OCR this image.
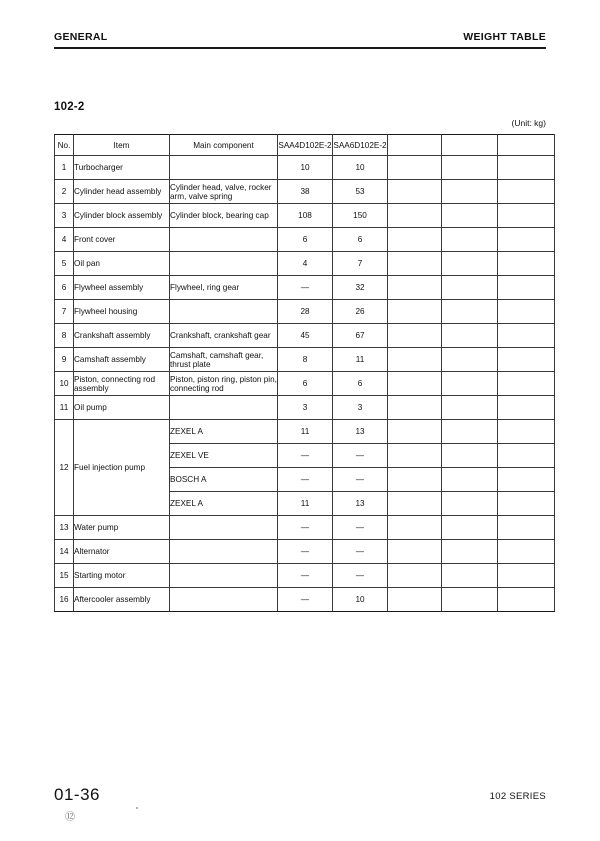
GENERAL	WEIGHT TABLE
102-2
(Unit: kg)
No.	Item	Main component	SAA4D102E-2	SAA6D102E-2			
1	Turbocharger		10	10			
2	Cylinder head assembly	Cylinder head, valve, rocker arm, valve spring	38	53			
3	Cylinder block assembly	Cylinder block, bearing cap	108	150			
4	Front cover		6	6			
5	Oil pan		4	7			
6	Flywheel assembly	Flywheel, ring gear	—	32			
7	Flywheel housing		28	26			
8	Crankshaft assembly	Crankshaft, crankshaft gear	45	67			
9	Camshaft assembly	Camshaft, camshaft gear, thrust plate	8	11			
10	Piston, connecting rod assembly	Piston, piston ring, piston pin, connecting rod	6	6			
11	Oil pump		3	3			
12	Fuel injection pump	ZEXEL A	11	13			
		ZEXEL VE	—	—			
		BOSCH A	—	—			
		ZEXEL A	11	13			
13	Water pump		—	—			
14	Alternator		—	—			
15	Starting motor		—	—			
16	Aftercooler assembly		—	10			
01-36
⑫
102 SERIES
